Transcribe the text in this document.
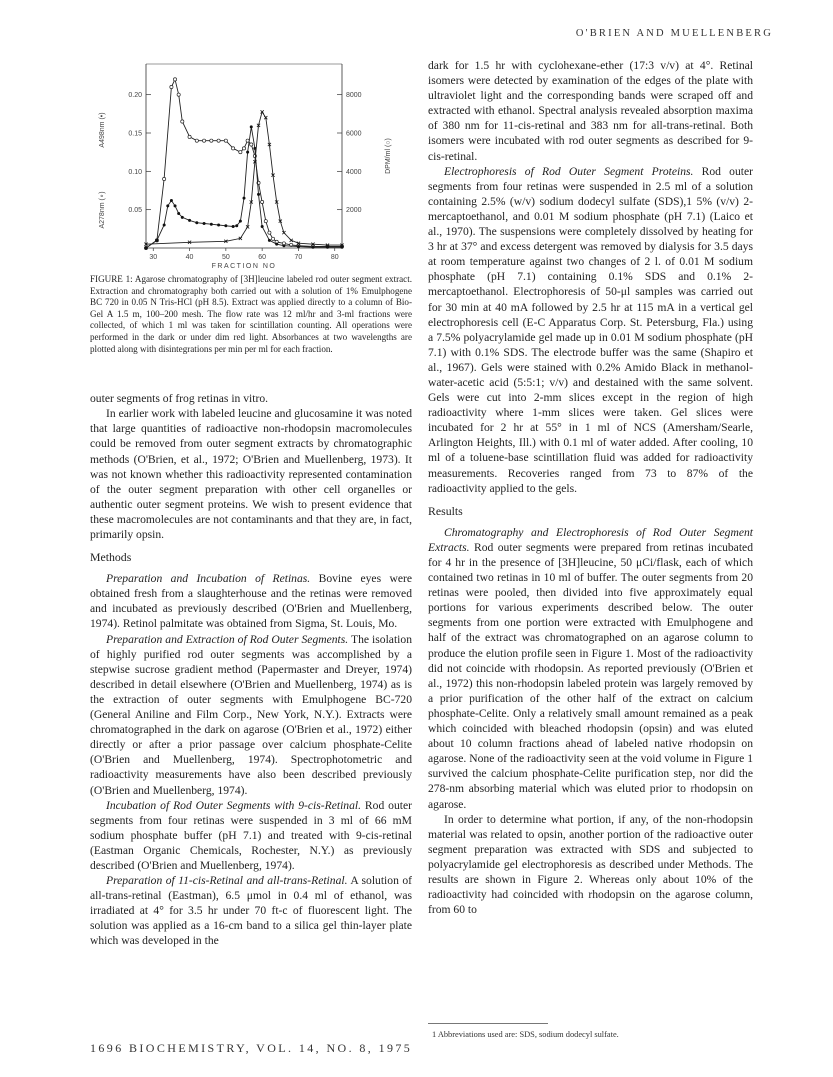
O'BRIEN AND MUELLENBERG
30	40	50	60	70	80
FRACTION NO
0.05
0.10
0.15
0.20
2000
4000
6000
8000
A498nm (•)
A278nm (∘)
DPM/ml (○)

FIGURE 1: Agarose chromatography of [3H]leucine labeled rod outer segment extract. Extraction and chromatography both carried out with a solution of 1% Emulphogene BC 720 in 0.05 N Tris-HCl (pH 8.5). Extract was applied directly to a column of Bio-Gel A 1.5 m, 100–200 mesh. The flow rate was 12 ml/hr and 3-ml fractions were collected, of which 1 ml was taken for scintillation counting. All operations were performed in the dark or under dim red light. Absorbances at two wavelengths are plotted along with disintegrations per min per ml for each fraction.

outer segments of frog retinas in vitro.

In earlier work with labeled leucine and glucosamine it was noted that large quantities of radioactive non-rhodopsin macromolecules could be removed from outer segment extracts by chromatographic methods (O'Brien, et al., 1972; O'Brien and Muellenberg, 1973). It was not known whether this radioactivity represented contamination of the outer segment preparation with other cell organelles or authentic outer segment proteins. We wish to present evidence that these macromolecules are not contaminants and that they are, in fact, primarily opsin.

Methods

Preparation and Incubation of Retinas. Bovine eyes were obtained fresh from a slaughterhouse and the retinas were removed and incubated as previously described (O'Brien and Muellenberg, 1974). Retinol palmitate was obtained from Sigma, St. Louis, Mo.

Preparation and Extraction of Rod Outer Segments. The isolation of highly purified rod outer segments was accomplished by a stepwise sucrose gradient method (Papermaster and Dreyer, 1974) described in detail elsewhere (O'Brien and Muellenberg, 1974) as is the extraction of outer segments with Emulphogene BC-720 (General Aniline and Film Corp., New York, N.Y.). Extracts were chromatographed in the dark on agarose (O'Brien et al., 1972) either directly or after a prior passage over calcium phosphate-Celite (O'Brien and Muellenberg, 1974). Spectrophotometric and radioactivity measurements have also been described previously (O'Brien and Muellenberg, 1974).

Incubation of Rod Outer Segments with 9-cis-Retinal. Rod outer segments from four retinas were suspended in 3 ml of 66 mM sodium phosphate buffer (pH 7.1) and treated with 9-cis-retinal (Eastman Organic Chemicals, Rochester, N.Y.) as previously described (O'Brien and Muellenberg, 1974).

Preparation of 11-cis-Retinal and all-trans-Retinal. A solution of all-trans-retinal (Eastman), 6.5 μmol in 0.4 ml of ethanol, was irradiated at 4° for 3.5 hr under 70 ft-c of fluorescent light. The solution was applied as a 16-cm band to a silica gel thin-layer plate which was developed in the

dark for 1.5 hr with cyclohexane-ether (17:3 v/v) at 4°. Retinal isomers were detected by examination of the edges of the plate with ultraviolet light and the corresponding bands were scraped off and extracted with ethanol. Spectral analysis revealed absorption maxima of 380 nm for 11-cis-retinal and 383 nm for all-trans-retinal. Both isomers were incubated with rod outer segments as described for 9-cis-retinal.

Electrophoresis of Rod Outer Segment Proteins. Rod outer segments from four retinas were suspended in 2.5 ml of a solution containing 2.5% (w/v) sodium dodecyl sulfate (SDS),1 5% (v/v) 2-mercaptoethanol, and 0.01 M sodium phosphate (pH 7.1) (Laico et al., 1970). The suspensions were completely dissolved by heating for 3 hr at 37° and excess detergent was removed by dialysis for 3.5 days at room temperature against two changes of 2 l. of 0.01 M sodium phosphate (pH 7.1) containing 0.1% SDS and 0.1% 2-mercaptoethanol. Electrophoresis of 50-μl samples was carried out for 30 min at 40 mA followed by 2.5 hr at 115 mA in a vertical gel electrophoresis cell (E-C Apparatus Corp. St. Petersburg, Fla.) using a 7.5% polyacrylamide gel made up in 0.01 M sodium phosphate (pH 7.1) with 0.1% SDS. The electrode buffer was the same (Shapiro et al., 1967). Gels were stained with 0.2% Amido Black in methanol-water-acetic acid (5:5:1; v/v) and destained with the same solvent. Gels were cut into 2-mm slices except in the region of high radioactivity where 1-mm slices were taken. Gel slices were incubated for 2 hr at 55° in 1 ml of NCS (Amersham/Searle, Arlington Heights, Ill.) with 0.1 ml of water added. After cooling, 10 ml of a toluene-base scintillation fluid was added for radioactivity measurements. Recoveries ranged from 73 to 87% of the radioactivity applied to the gels.

Results

Chromatography and Electrophoresis of Rod Outer Segment Extracts. Rod outer segments were prepared from retinas incubated for 4 hr in the presence of [3H]leucine, 50 μCi/flask, each of which contained two retinas in 10 ml of buffer. The outer segments from 20 retinas were pooled, then divided into five approximately equal portions for various experiments described below. The outer segments from one portion were extracted with Emulphogene and half of the extract was chromatographed on an agarose column to produce the elution profile seen in Figure 1. Most of the radioactivity did not coincide with rhodopsin. As reported previously (O'Brien et al., 1972) this non-rhodopsin labeled protein was largely removed by a prior purification of the other half of the extract on calcium phosphate-Celite. Only a relatively small amount remained as a peak which coincided with bleached rhodopsin (opsin) and was eluted about 10 column fractions ahead of labeled native rhodopsin on agarose. None of the radioactivity seen at the void volume in Figure 1 survived the calcium phosphate-Celite purification step, nor did the 278-nm absorbing material which was eluted prior to rhodopsin on agarose.

In order to determine what portion, if any, of the non-rhodopsin material was related to opsin, another portion of the radioactive outer segment preparation was extracted with SDS and subjected to polyacrylamide gel electrophoresis as described under Methods. The results are shown in Figure 2. Whereas only about 10% of the radioactivity had coincided with rhodopsin on the agarose column, from 60 to

1 Abbreviations used are: SDS, sodium dodecyl sulfate.
1696 BIOCHEMISTRY, VOL. 14, NO. 8, 1975
